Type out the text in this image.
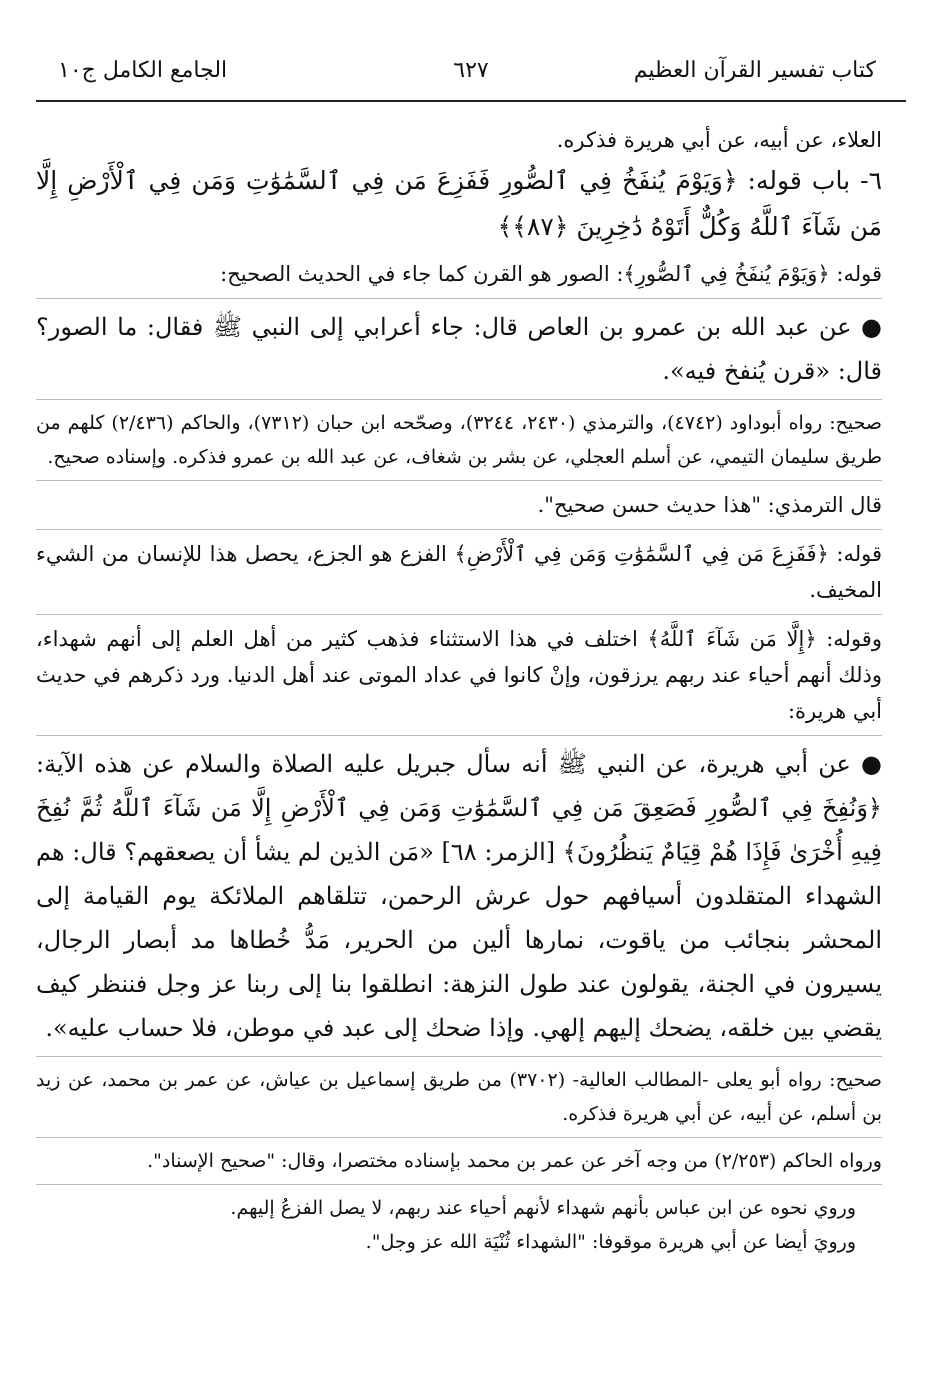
كتاب تفسير القرآن العظيم
٦٢٧
الجامع الكامل ج١٠

العلاء، عن أبيه، عن أبي هريرة فذكره.

٦- باب قوله: ﴿وَيَوْمَ يُنفَخُ فِي ٱلصُّورِ فَفَزِعَ مَن فِي ٱلسَّمَٰوَٰتِ وَمَن فِي ٱلْأَرْضِ إِلَّا مَن شَآءَ ٱللَّهُ وَكُلٌّ أَتَوْهُ دَٰخِرِينَ ﴿٨٧﴾﴾

قوله: ﴿وَيَوْمَ يُنفَخُ فِي ٱلصُّورِ﴾: الصور هو القرن كما جاء في الحديث الصحيح:

● عن عبد الله بن عمرو بن العاص قال: جاء أعرابي إلى النبي ﷺ فقال: ما الصور؟ قال: «قرن يُنفخ فيه».

صحيح: رواه أبوداود (٤٧٤٢)، والترمذي (٢٤٣٠، ٣٢٤٤)، وصحّحه ابن حبان (٧٣١٢)، والحاكم (٢/٤٣٦) كلهم من طريق سليمان التيمي، عن أسلم العجلي، عن بشر بن شغاف، عن عبد الله بن عمرو فذكره. وإسناده صحيح.

قال الترمذي: "هذا حديث حسن صحيح".

قوله: ﴿فَفَزِعَ مَن فِي ٱلسَّمَٰوَٰتِ وَمَن فِي ٱلْأَرْضِ﴾ الفزع هو الجزع، يحصل هذا للإنسان من الشيء المخيف.

وقوله: ﴿إِلَّا مَن شَآءَ ٱللَّهُ﴾ اختلف في هذا الاستثناء فذهب كثير من أهل العلم إلى أنهم شهداء، وذلك أنهم أحياء عند ربهم يرزقون، وإنْ كانوا في عداد الموتى عند أهل الدنيا. ورد ذكرهم في حديث أبي هريرة:

● عن أبي هريرة، عن النبي ﷺ أنه سأل جبريل عليه الصلاة والسلام عن هذه الآية: ﴿وَنُفِخَ فِي ٱلصُّورِ فَصَعِقَ مَن فِي ٱلسَّمَٰوَٰتِ وَمَن فِي ٱلْأَرْضِ إِلَّا مَن شَآءَ ٱللَّهُ ثُمَّ نُفِخَ فِيهِ أُخْرَىٰ فَإِذَا هُمْ قِيَامٌ يَنظُرُونَ﴾ [الزمر: ٦٨] «مَن الذين لم يشأ أن يصعقهم؟ قال: هم الشهداء المتقلدون أسيافهم حول عرش الرحمن، تتلقاهم الملائكة يوم القيامة إلى المحشر بنجائب من ياقوت، نمارها ألين من الحرير، مَدُّ خُطاها مد أبصار الرجال، يسيرون في الجنة، يقولون عند طول النزهة: انطلقوا بنا إلى ربنا عز وجل فننظر كيف يقضي بين خلقه، يضحك إليهم إلهي. وإذا ضحك إلى عبد في موطن، فلا حساب عليه».

صحيح: رواه أبو يعلى -المطالب العالية- (٣٧٠٢) من طريق إسماعيل بن عياش، عن عمر بن محمد، عن زيد بن أسلم، عن أبيه، عن أبي هريرة فذكره.

ورواه الحاكم (٢/٢٥٣) من وجه آخر عن عمر بن محمد بإسناده مختصرا، وقال: "صحيح الإسناد".

وروي نحوه عن ابن عباس بأنهم شهداء لأنهم أحياء عند ربهم، لا يصل الفزعُ إليهم.

ورويَ أيضا عن أبي هريرة موقوفا: "الشهداء ثُنْيَة الله عز وجل".
